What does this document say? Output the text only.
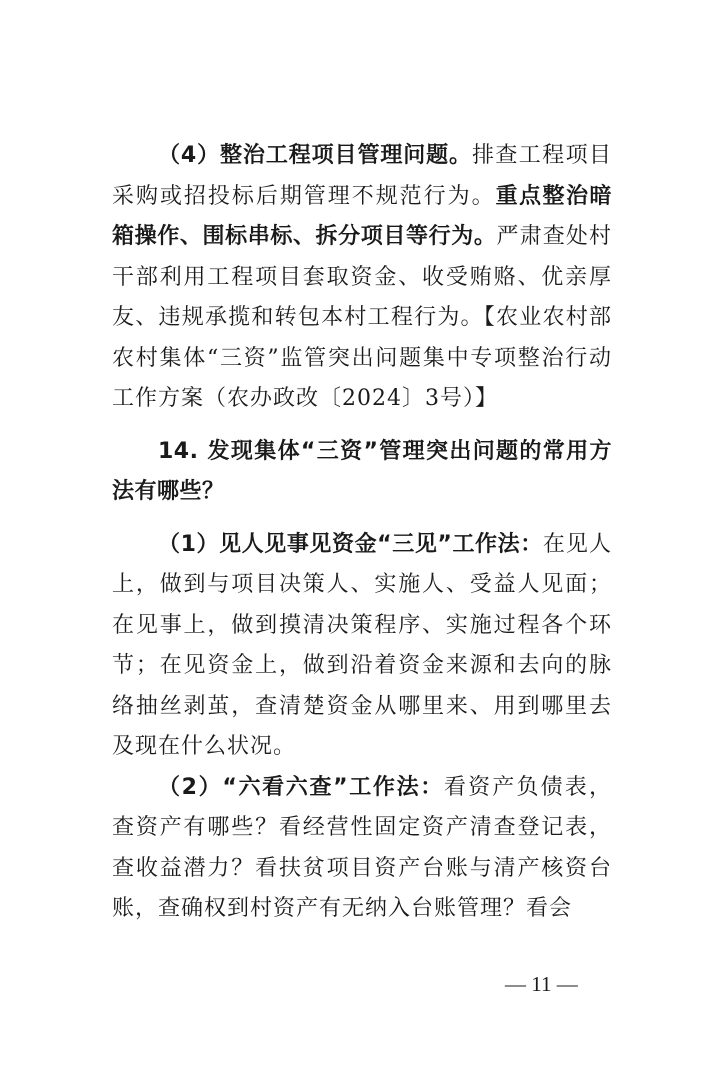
（4）整治工程项目管理问题。排查工程项目采购或招投标后期管理不规范行为。重点整治暗箱操作、围标串标、拆分项目等行为。严肃查处村干部利用工程项目套取资金、收受贿赂、优亲厚友、违规承揽和转包本村工程行为。【农业农村部农村集体“三资”监管突出问题集中专项整治行动工作方案（农办政改〔2024〕3号）】

14. 发现集体“三资”管理突出问题的常用方法有哪些？

（1）见人见事见资金“三见”工作法：在见人上，做到与项目决策人、实施人、受益人见面；在见事上，做到摸清决策程序、实施过程各个环节；在见资金上，做到沿着资金来源和去向的脉络抽丝剥茧，查清楚资金从哪里来、用到哪里去及现在什么状况。

（2）“六看六查”工作法：看资产负债表，查资产有哪些？看经营性固定资产清查登记表，查收益潜力？看扶贫项目资产台账与清产核资台账，查确权到村资产有无纳入台账管理？看会

— 11 —
